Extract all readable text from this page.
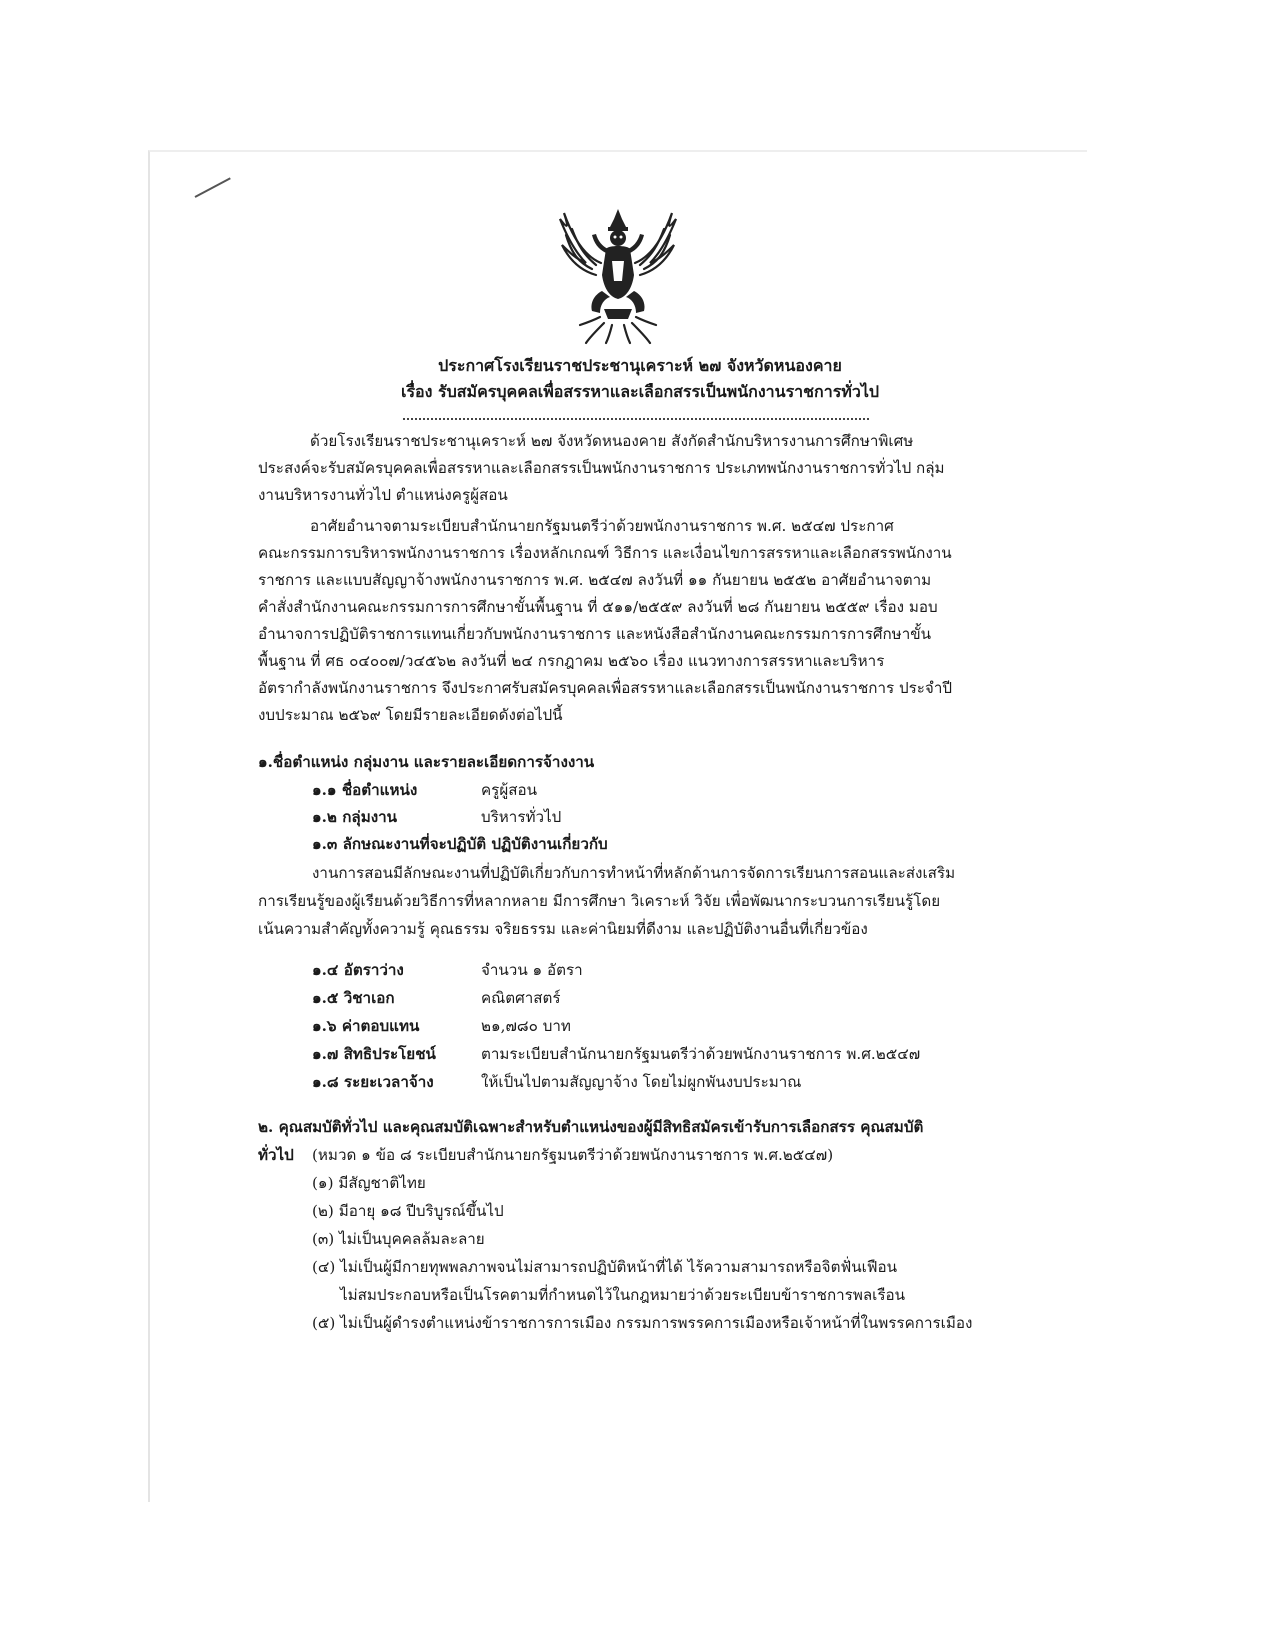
ประกาศโรงเรียนราชประชานุเคราะห์ ๒๗ จังหวัดหนองคาย
เรื่อง รับสมัครบุคคลเพื่อสรรหาและเลือกสรรเป็นพนักงานราชการทั่วไป
ด้วยโรงเรียนราชประชานุเคราะห์ ๒๗ จังหวัดหนองคาย สังกัดสำนักบริหารงานการศึกษาพิเศษ
ประสงค์จะรับสมัครบุคคลเพื่อสรรหาและเลือกสรรเป็นพนักงานราชการ ประเภทพนักงานราชการทั่วไป กลุ่ม
งานบริหารงานทั่วไป ตำแหน่งครูผู้สอน
อาศัยอำนาจตามระเบียบสำนักนายกรัฐมนตรีว่าด้วยพนักงานราชการ พ.ศ. ๒๕๔๗ ประกาศ
คณะกรรมการบริหารพนักงานราชการ เรื่องหลักเกณฑ์ วิธีการ และเงื่อนไขการสรรหาและเลือกสรรพนักงาน
ราชการ และแบบสัญญาจ้างพนักงานราชการ พ.ศ. ๒๕๔๗ ลงวันที่ ๑๑ กันยายน ๒๕๕๒ อาศัยอำนาจตาม
คำสั่งสำนักงานคณะกรรมการการศึกษาขั้นพื้นฐาน ที่ ๕๑๑/๒๕๕๙ ลงวันที่ ๒๘ กันยายน ๒๕๕๙ เรื่อง มอบ
อำนาจการปฏิบัติราชการแทนเกี่ยวกับพนักงานราชการ และหนังสือสำนักงานคณะกรรมการการศึกษาขั้น
พื้นฐาน ที่ ศธ ๐๔๐๐๗/ว๔๕๖๒ ลงวันที่ ๒๔ กรกฎาคม ๒๕๖๐ เรื่อง แนวทางการสรรหาและบริหาร
อัตรากำลังพนักงานราชการ จึงประกาศรับสมัครบุคคลเพื่อสรรหาและเลือกสรรเป็นพนักงานราชการ ประจำปี
งบประมาณ ๒๕๖๙ โดยมีรายละเอียดดังต่อไปนี้
๑.ชื่อตำแหน่ง กลุ่มงาน และรายละเอียดการจ้างงาน
๑.๑ ชื่อตำแหน่ง	ครูผู้สอน
๑.๒ กลุ่มงาน	บริหารทั่วไป
๑.๓ ลักษณะงานที่จะปฏิบัติ ปฏิบัติงานเกี่ยวกับ
งานการสอนมีลักษณะงานที่ปฏิบัติเกี่ยวกับการทำหน้าที่หลักด้านการจัดการเรียนการสอนและส่งเสริม
การเรียนรู้ของผู้เรียนด้วยวิธีการที่หลากหลาย มีการศึกษา วิเคราะห์ วิจัย เพื่อพัฒนากระบวนการเรียนรู้โดย
เน้นความสำคัญทั้งความรู้ คุณธรรม จริยธรรม และค่านิยมที่ดีงาม และปฏิบัติงานอื่นที่เกี่ยวข้อง
๑.๔ อัตราว่าง	จำนวน ๑ อัตรา
๑.๕ วิชาเอก	คณิตศาสตร์
๑.๖ ค่าตอบแทน	๒๑,๗๘๐ บาท
๑.๗ สิทธิประโยชน์	ตามระเบียบสำนักนายกรัฐมนตรีว่าด้วยพนักงานราชการ พ.ศ.๒๕๔๗
๑.๘ ระยะเวลาจ้าง	ให้เป็นไปตามสัญญาจ้าง โดยไม่ผูกพันงบประมาณ
๒. คุณสมบัติทั่วไป และคุณสมบัติเฉพาะสำหรับตำแหน่งของผู้มีสิทธิสมัครเข้ารับการเลือกสรร คุณสมบัติ
ทั่วไป (หมวด ๑ ข้อ ๘ ระเบียบสำนักนายกรัฐมนตรีว่าด้วยพนักงานราชการ พ.ศ.๒๕๔๗)
(๑) มีสัญชาติไทย
(๒) มีอายุ ๑๘ ปีบริบูรณ์ขึ้นไป
(๓) ไม่เป็นบุคคลล้มละลาย
(๔) ไม่เป็นผู้มีกายทุพพลภาพจนไม่สามารถปฏิบัติหน้าที่ได้ ไร้ความสามารถหรือจิตฟั่นเฟือน
ไม่สมประกอบหรือเป็นโรคตามที่กำหนดไว้ในกฎหมายว่าด้วยระเบียบข้าราชการพลเรือน
(๕) ไม่เป็นผู้ดำรงตำแหน่งข้าราชการการเมือง กรรมการพรรคการเมืองหรือเจ้าหน้าที่ในพรรคการเมือง
